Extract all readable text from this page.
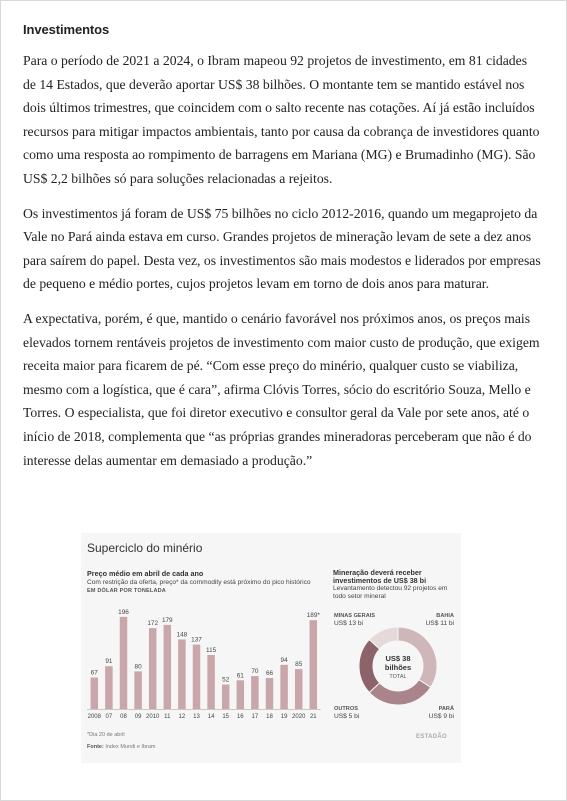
Investimentos

Para o período de 2021 a 2024, o Ibram mapeou 92 projetos de investimento, em 81 cidades de 14 Estados, que deverão aportar US$ 38 bilhões. O montante tem se mantido estável nos dois últimos trimestres, que coincidem com o salto recente nas cotações. Aí já estão incluídos recursos para mitigar impactos ambientais, tanto por causa da cobrança de investidores quanto como uma resposta ao rompimento de barragens em Mariana (MG) e Brumadinho (MG). São US$ 2,2 bilhões só para soluções relacionadas a rejeitos.

Os investimentos já foram de US$ 75 bilhões no ciclo 2012-2016, quando um megaprojeto da Vale no Pará ainda estava em curso. Grandes projetos de mineração levam de sete a dez anos para saírem do papel. Desta vez, os investimentos são mais modestos e liderados por empresas de pequeno e médio portes, cujos projetos levam em torno de dois anos para maturar.

A expectativa, porém, é que, mantido o cenário favorável nos próximos anos, os preços mais elevados tornem rentáveis projetos de investimento com maior custo de produção, que exigem receita maior para ficarem de pé. “Com esse preço do minério, qualquer custo se viabiliza, mesmo com a logística, que é cara”, afirma Clóvis Torres, sócio do escritório Souza, Mello e Torres. O especialista, que foi diretor executivo e consultor geral da Vale por sete anos, até o início de 2018, complementa que “as próprias grandes mineradoras perceberam que não é do interesse delas aumentar em demasiado a produção.”

Superciclo do minério
Preço médio em abril de cada ano
Com restrição da oferta, preço* da commodity está próximo do pico histórico
EM DÓLAR POR TONELADA
Mineração deverá receber investimentos de US$ 38 bi
Levantamento detectou 92 projetos em todo setor mineral
67
2008
91
07
196
08
80
09
172
2010
179
11
148
12
137
13
115
14
52
15
61
16
70
17
66
18
94
19
85
2020
189*
21
MINAS GERAIS
US$ 13 bi
BAHIA
US$ 11 bi
PARÁ
US$ 9 bi
OUTROS
US$ 5 bi
US$ 38
bilhões
TOTAL
*Dia 20 de abril
Fonte: Index Mundi e Ibram
ESTADÃO
